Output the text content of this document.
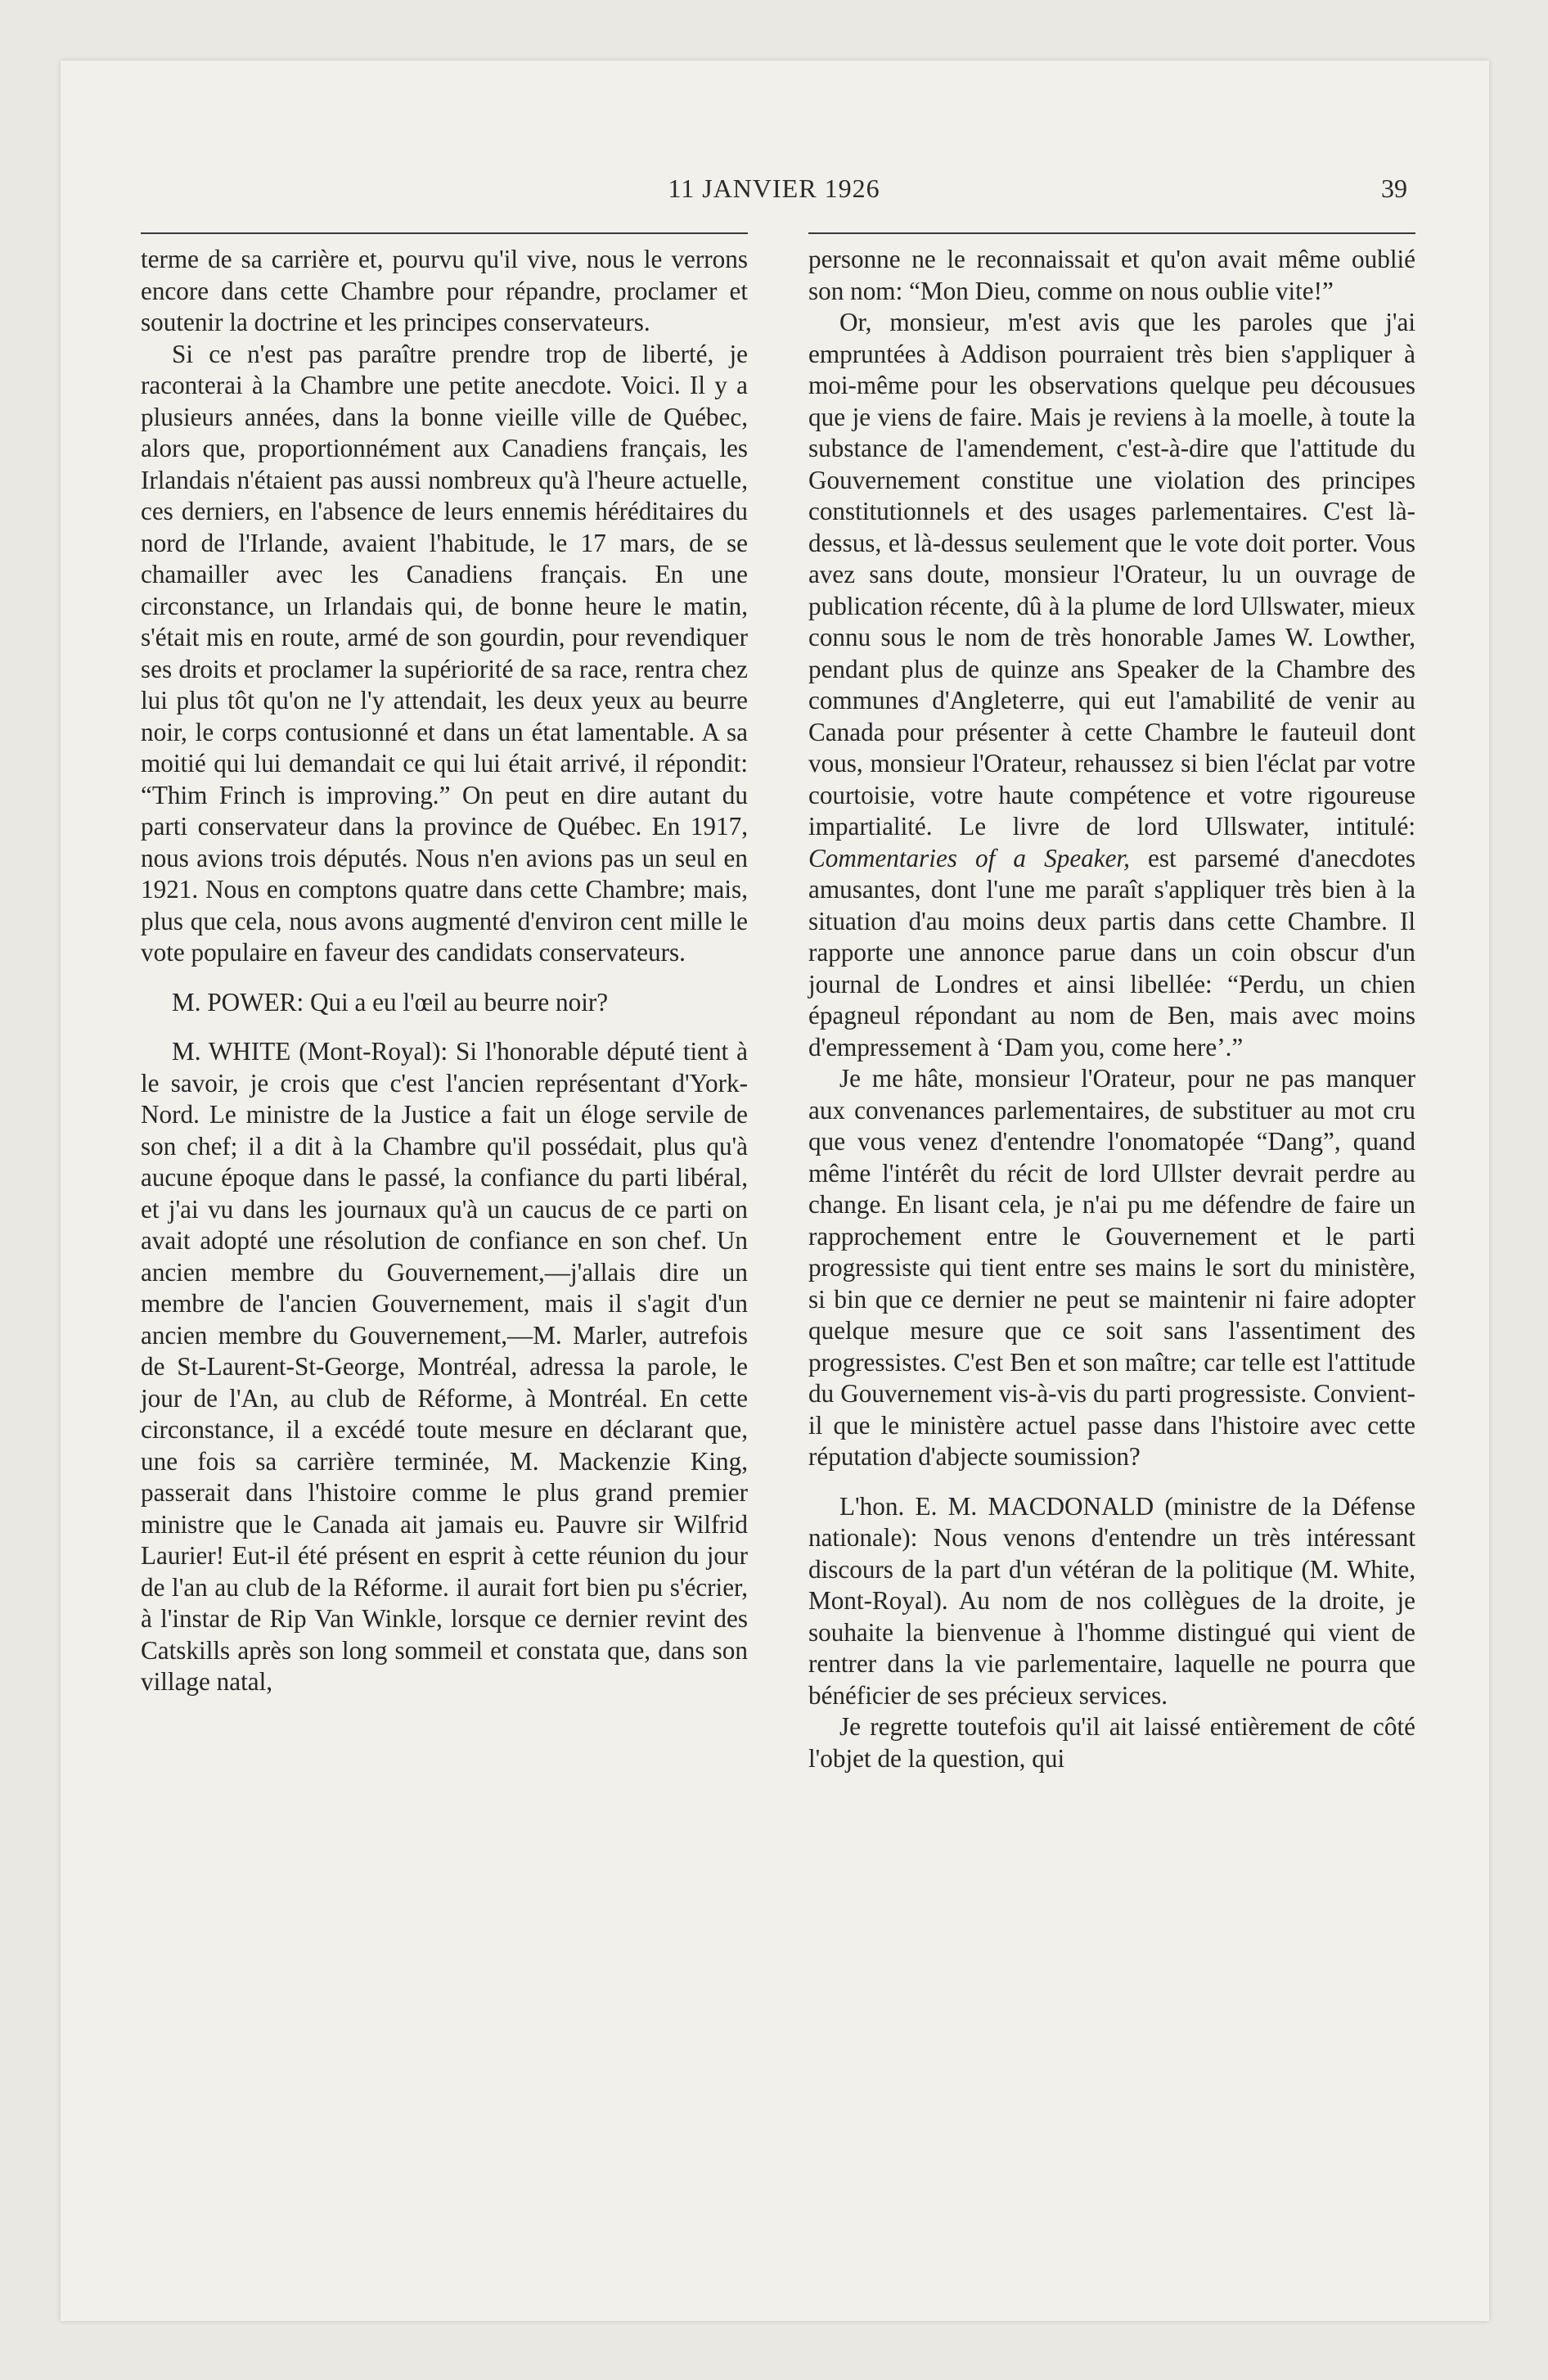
11 JANVIER 1926	39

terme de sa carrière et, pourvu qu'il vive, nous le verrons encore dans cette Chambre pour répandre, proclamer et soutenir la doctrine et les principes conservateurs.

Si ce n'est pas paraître prendre trop de liberté, je raconterai à la Chambre une petite anecdote. Voici. Il y a plusieurs années, dans la bonne vieille ville de Québec, alors que, proportionnément aux Canadiens français, les Irlandais n'étaient pas aussi nombreux qu'à l'heure actuelle, ces derniers, en l'absence de leurs ennemis héréditaires du nord de l'Irlande, avaient l'habitude, le 17 mars, de se chamailler avec les Canadiens français. En une circonstance, un Irlandais qui, de bonne heure le matin, s'était mis en route, armé de son gourdin, pour revendiquer ses droits et proclamer la supériorité de sa race, rentra chez lui plus tôt qu'on ne l'y attendait, les deux yeux au beurre noir, le corps contusionné et dans un état lamentable. A sa moitié qui lui demandait ce qui lui était arrivé, il répondit: “Thim Frinch is improving.” On peut en dire autant du parti conservateur dans la province de Québec. En 1917, nous avions trois députés. Nous n'en avions pas un seul en 1921. Nous en comptons quatre dans cette Chambre; mais, plus que cela, nous avons augmenté d'environ cent mille le vote populaire en faveur des candidats conservateurs.

M. POWER: Qui a eu l'œil au beurre noir?

M. WHITE (Mont-Royal): Si l'honorable député tient à le savoir, je crois que c'est l'ancien représentant d'York-Nord. Le ministre de la Justice a fait un éloge servile de son chef; il a dit à la Chambre qu'il possédait, plus qu'à aucune époque dans le passé, la confiance du parti libéral, et j'ai vu dans les journaux qu'à un caucus de ce parti on avait adopté une résolution de confiance en son chef. Un ancien membre du Gouvernement,—j'allais dire un membre de l'ancien Gouvernement, mais il s'agit d'un ancien membre du Gouvernement,—M. Marler, autrefois de St-Laurent-St-George, Montréal, adressa la parole, le jour de l'An, au club de Réforme, à Montréal. En cette circonstance, il a excédé toute mesure en déclarant que, une fois sa carrière terminée, M. Mackenzie King, passerait dans l'histoire comme le plus grand premier ministre que le Canada ait jamais eu. Pauvre sir Wilfrid Laurier! Eut-il été présent en esprit à cette réunion du jour de l'an au club de la Réforme. il aurait fort bien pu s'écrier, à l'instar de Rip Van Winkle, lorsque ce dernier revint des Catskills après son long sommeil et constata que, dans son village natal,

personne ne le reconnaissait et qu'on avait même oublié son nom: “Mon Dieu, comme on nous oublie vite!”

Or, monsieur, m'est avis que les paroles que j'ai empruntées à Addison pourraient très bien s'appliquer à moi-même pour les observations quelque peu décousues que je viens de faire. Mais je reviens à la moelle, à toute la substance de l'amendement, c'est-à-dire que l'attitude du Gouvernement constitue une violation des principes constitutionnels et des usages parlementaires. C'est là-dessus, et là-dessus seulement que le vote doit porter. Vous avez sans doute, monsieur l'Orateur, lu un ouvrage de publication récente, dû à la plume de lord Ullswater, mieux connu sous le nom de très honorable James W. Lowther, pendant plus de quinze ans Speaker de la Chambre des communes d'Angleterre, qui eut l'amabilité de venir au Canada pour présenter à cette Chambre le fauteuil dont vous, monsieur l'Orateur, rehaussez si bien l'éclat par votre courtoisie, votre haute compétence et votre rigoureuse impartialité. Le livre de lord Ullswater, intitulé: Commentaries of a Speaker, est parsemé d'anecdotes amusantes, dont l'une me paraît s'appliquer très bien à la situation d'au moins deux partis dans cette Chambre. Il rapporte une annonce parue dans un coin obscur d'un journal de Londres et ainsi libellée: “Perdu, un chien épagneul répondant au nom de Ben, mais avec moins d'empressement à ‘Dam you, come here’.”

Je me hâte, monsieur l'Orateur, pour ne pas manquer aux convenances parlementaires, de substituer au mot cru que vous venez d'entendre l'onomatopée “Dang”, quand même l'intérêt du récit de lord Ullster devrait perdre au change. En lisant cela, je n'ai pu me défendre de faire un rapprochement entre le Gouvernement et le parti progressiste qui tient entre ses mains le sort du ministère, si bin que ce dernier ne peut se maintenir ni faire adopter quelque mesure que ce soit sans l'assentiment des progressistes. C'est Ben et son maître; car telle est l'attitude du Gouvernement vis-à-vis du parti progressiste. Convient-il que le ministère actuel passe dans l'histoire avec cette réputation d'abjecte soumission?

L'hon. E. M. MACDONALD (ministre de la Défense nationale): Nous venons d'entendre un très intéressant discours de la part d'un vétéran de la politique (M. White, Mont-Royal). Au nom de nos collègues de la droite, je souhaite la bienvenue à l'homme distingué qui vient de rentrer dans la vie parlementaire, laquelle ne pourra que bénéficier de ses précieux services.

Je regrette toutefois qu'il ait laissé entièrement de côté l'objet de la question, qui
